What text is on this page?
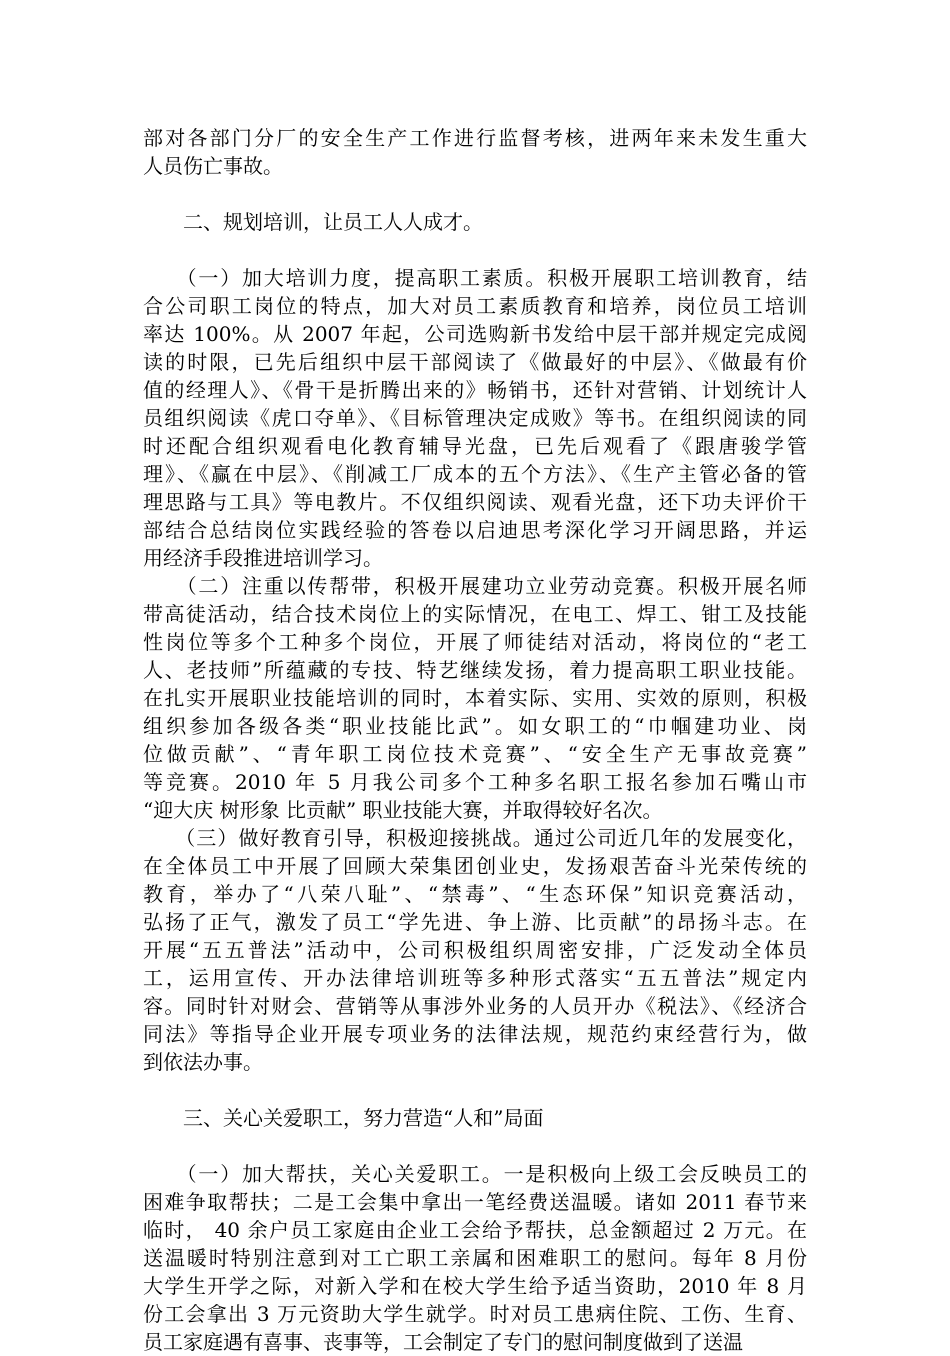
部对各部门分厂的安全生产工作进行监督考核，进两年来未发生重大
人员伤亡事故。
　　二、规划培训，让员工人人成才。
　　（一）加大培训力度，提高职工素质。积极开展职工培训教育，结
合公司职工岗位的特点，加大对员工素质教育和培养，岗位员工培训
率达 100%。从 2007 年起，公司选购新书发给中层干部并规定完成阅
读的时限，已先后组织中层干部阅读了《做最好的中层》、《做最有价
值的经理人》、《骨干是折腾出来的》畅销书，还针对营销、计划统计人
员组织阅读《虎口夺单》、《目标管理决定成败》等书。在组织阅读的同
时还配合组织观看电化教育辅导光盘，已先后观看了《跟唐骏学管
理》、《赢在中层》、《削减工厂成本的五个方法》、《生产主管必备的管
理思路与工具》等电教片。不仅组织阅读、观看光盘，还下功夫评价干
部结合总结岗位实践经验的答卷以启迪思考深化学习开阔思路，并运
用经济手段推进培训学习。
　　（二）注重以传帮带，积极开展建功立业劳动竞赛。积极开展名师
带高徒活动，结合技术岗位上的实际情况，在电工、焊工、钳工及技能
性岗位等多个工种多个岗位，开展了师徒结对活动，将岗位的“老工
人、老技师”所蕴藏的专技、特艺继续发扬，着力提高职工职业技能。
在扎实开展职业技能培训的同时，本着实际、实用、实效的原则，积极
组织参加各级各类“职业技能比武”。如女职工的“巾帼建功业、岗
位做贡献”、“青年职工岗位技术竞赛”、“安全生产无事故竞赛”
等竞赛。2010 年 5 月我公司多个工种多名职工报名参加石嘴山市
“迎大庆 树形象 比贡献” 职业技能大赛，并取得较好名次。
　　（三）做好教育引导，积极迎接挑战。通过公司近几年的发展变化，
在全体员工中开展了回顾大荣集团创业史，发扬艰苦奋斗光荣传统的
教育，举办了“八荣八耻”、“禁毒”、“生态环保”知识竞赛活动，
弘扬了正气，激发了员工“学先进、争上游、比贡献”的昂扬斗志。在
开展“五五普法”活动中，公司积极组织周密安排，广泛发动全体员
工，运用宣传、开办法律培训班等多种形式落实“五五普法”规定内
容。同时针对财会、营销等从事涉外业务的人员开办《税法》、《经济合
同法》等指导企业开展专项业务的法律法规，规范约束经营行为，做
到依法办事。
　　三、关心关爱职工，努力营造“人和”局面
　　（一）加大帮扶，关心关爱职工。一是积极向上级工会反映员工的
困难争取帮扶；二是工会集中拿出一笔经费送温暖。诸如 2011 春节来
临时， 40 余户员工家庭由企业工会给予帮扶，总金额超过 2 万元。在
送温暖时特别注意到对工亡职工亲属和困难职工的慰问。每年 8 月份
大学生开学之际，对新入学和在校大学生给予适当资助，2010 年 8 月
份工会拿出 3 万元资助大学生就学。时对员工患病住院、工伤、生育、
员工家庭遇有喜事、丧事等，工会制定了专门的慰问制度做到了送温
